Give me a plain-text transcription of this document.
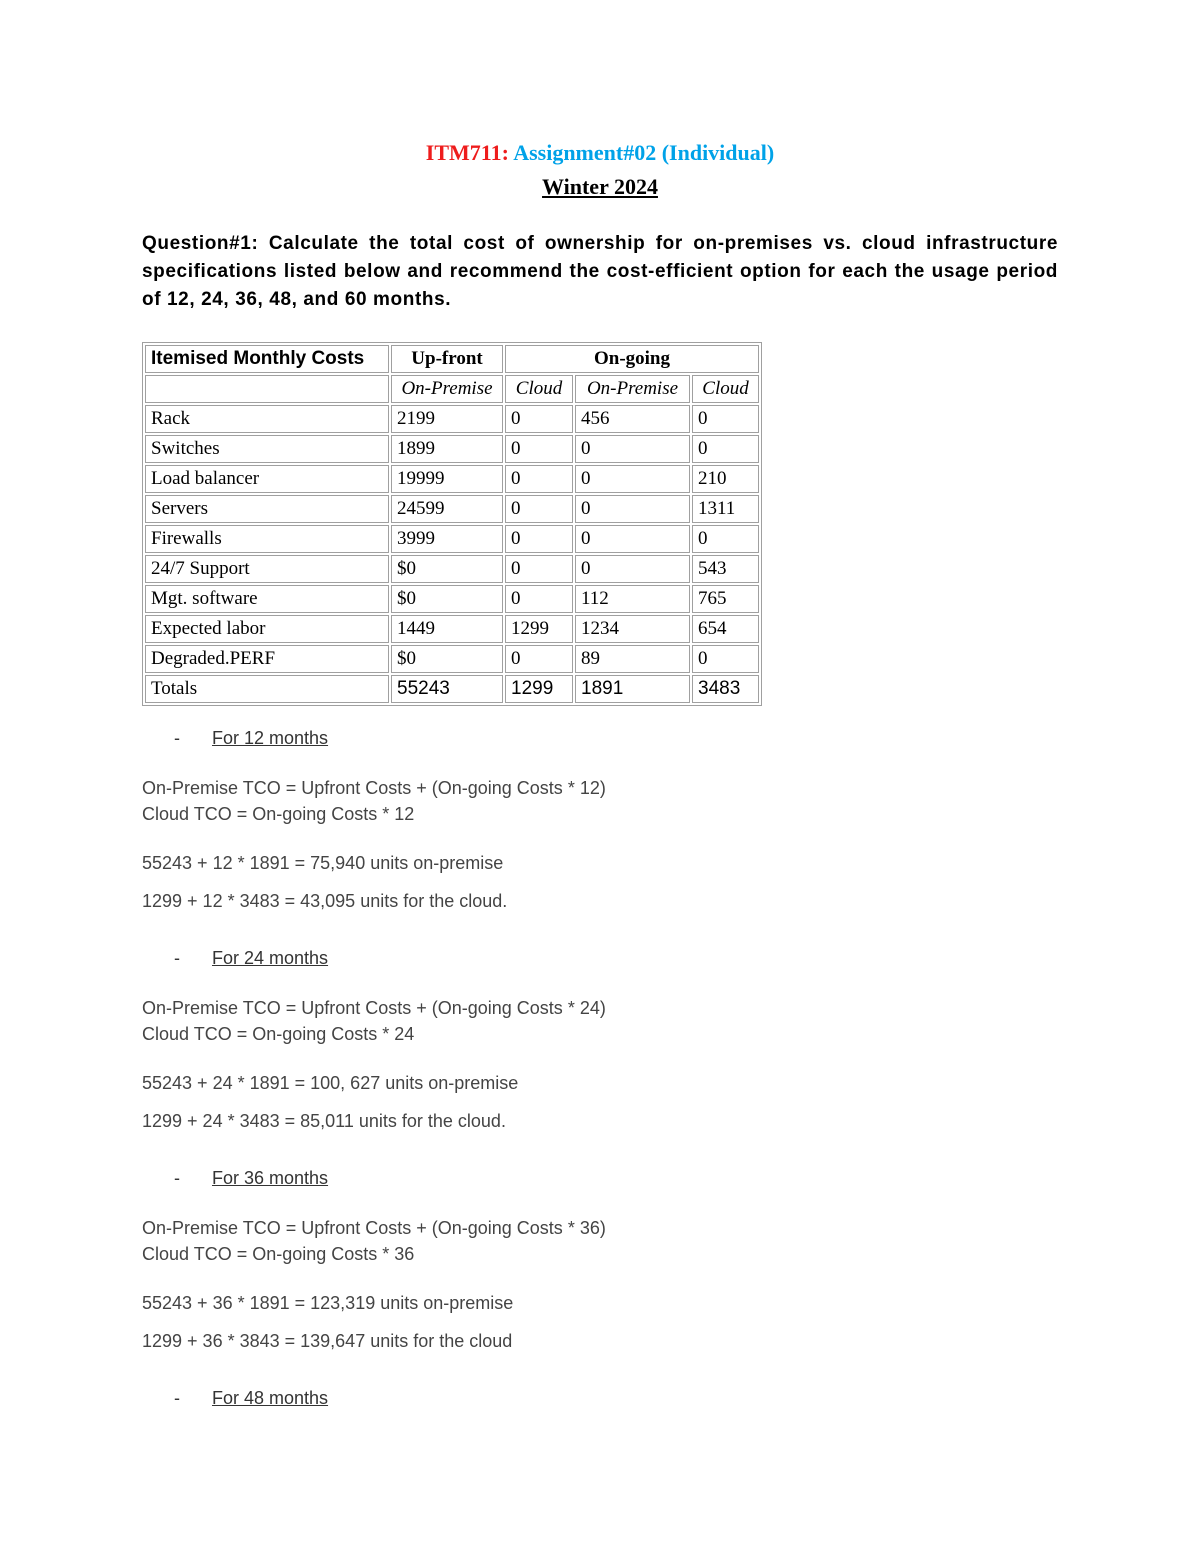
ITM711: Assignment#02 (Individual)
Winter 2024
Question#1: Calculate the total cost of ownership for on-premises vs. cloud infrastructure specifications listed below and recommend the cost-efficient option for each the usage period of 12, 24, 36, 48, and 60 months.
Itemised Monthly Costs	Up-front	On-going		
	On-Premise	Cloud	On-Premise	Cloud
Rack	2199	0	456	0
Switches	1899	0	0	0
Load balancer	19999	0	0	210
Servers	24599	0	0	1311
Firewalls	3999	0	0	0
24/7 Support	$0	0	0	543
Mgt. software	$0	0	112	765
Expected labor	1449	1299	1234	654
Degraded.PERF	$0	0	89	0
Totals	55243	1299	1891	3483
- For 12 months
On-Premise TCO = Upfront Costs + (On-going Costs * 12)
Cloud TCO = On-going Costs * 12
55243 + 12 * 1891 = 75,940 units on-premise
1299 + 12 * 3483 = 43,095 units for the cloud.
- For 24 months
On-Premise TCO = Upfront Costs + (On-going Costs * 24)
Cloud TCO = On-going Costs * 24
55243 + 24 * 1891 = 100, 627 units on-premise
1299 + 24 * 3483 = 85,011 units for the cloud.
- For 36 months
On-Premise TCO = Upfront Costs + (On-going Costs * 36)
Cloud TCO = On-going Costs * 36
55243 + 36 * 1891 = 123,319 units on-premise
1299 + 36 * 3843 = 139,647 units for the cloud
- For 48 months
